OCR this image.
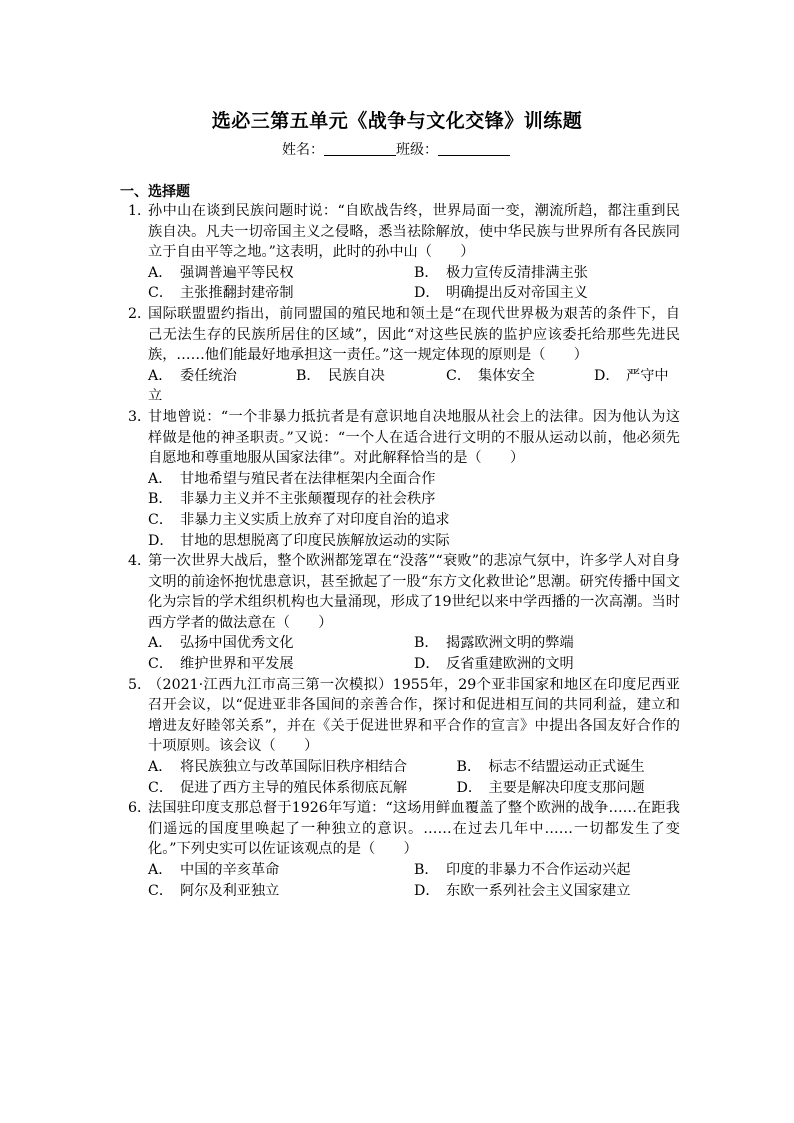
选必三第五单元《战争与文化交锋》训练题
姓名：	班级：
一、选择题
1．
孙中山在谈到民族问题时说：“自欧战告终，世界局面一变，潮流所趋，都注重到民族自决。凡夫一切帝国主义之侵略，悉当祛除解放，使中华民族与世界所有各民族同立于自由平等之地。”这表明，此时的孙中山（　　）
A． 强调普遍平等民权	B． 极力宣传反清排满主张
C． 主张推翻封建帝制	D． 明确提出反对帝国主义
2．
国际联盟盟约指出，前同盟国的殖民地和领土是“在现代世界极为艰苦的条件下，自己无法生存的民族所居住的区域”，因此“对这些民族的监护应该委托给那些先进民族，……他们能最好地承担这一责任。”这一规定体现的原则是（　　）
A． 委任统治	B． 民族自决	C． 集体安全	D． 严守中立
3．
甘地曾说：“一个非暴力抵抗者是有意识地自决地服从社会上的法律。因为他认为这样做是他的神圣职责。”又说：“一个人在适合进行文明的不服从运动以前，他必须先自愿地和尊重地服从国家法律”。对此解释恰当的是（　　）
A． 甘地希望与殖民者在法律框架内全面合作
B． 非暴力主义并不主张颠覆现存的社会秩序
C． 非暴力主义实质上放弃了对印度自治的追求
D． 甘地的思想脱离了印度民族解放运动的实际
4．
第一次世界大战后，整个欧洲都笼罩在“没落”“衰败”的悲凉气氛中，许多学人对自身文明的前途怀抱忧患意识，甚至掀起了一股“东方文化救世论”思潮。研究传播中国文化为宗旨的学术组织机构也大量涌现，形成了19世纪以来中学西播的一次高潮。当时西方学者的做法意在（　　）
A． 弘扬中国优秀文化	B． 揭露欧洲文明的弊端
C． 维护世界和平发展	D． 反省重建欧洲的文明
5．
（2021·江西九江市高三第一次模拟）1955年，29个亚非国家和地区在印度尼西亚召开会议，以“促进亚非各国间的亲善合作，探讨和促进相互间的共同利益，建立和增进友好睦邻关系”，并在《关于促进世界和平合作的宣言》中提出各国友好合作的十项原则。该会议（　　）
A． 将民族独立与改革国际旧秩序相结合	B． 标志不结盟运动正式诞生
C． 促进了西方主导的殖民体系彻底瓦解	D． 主要是解决印度支那问题
6．
法国驻印度支那总督于1926年写道：“这场用鲜血覆盖了整个欧洲的战争……在距我们遥远的国度里唤起了一种独立的意识。……在过去几年中……一切都发生了变化。”下列史实可以佐证该观点的是（　　）
A． 中国的辛亥革命	B． 印度的非暴力不合作运动兴起
C． 阿尔及利亚独立	D． 东欧一系列社会主义国家建立
